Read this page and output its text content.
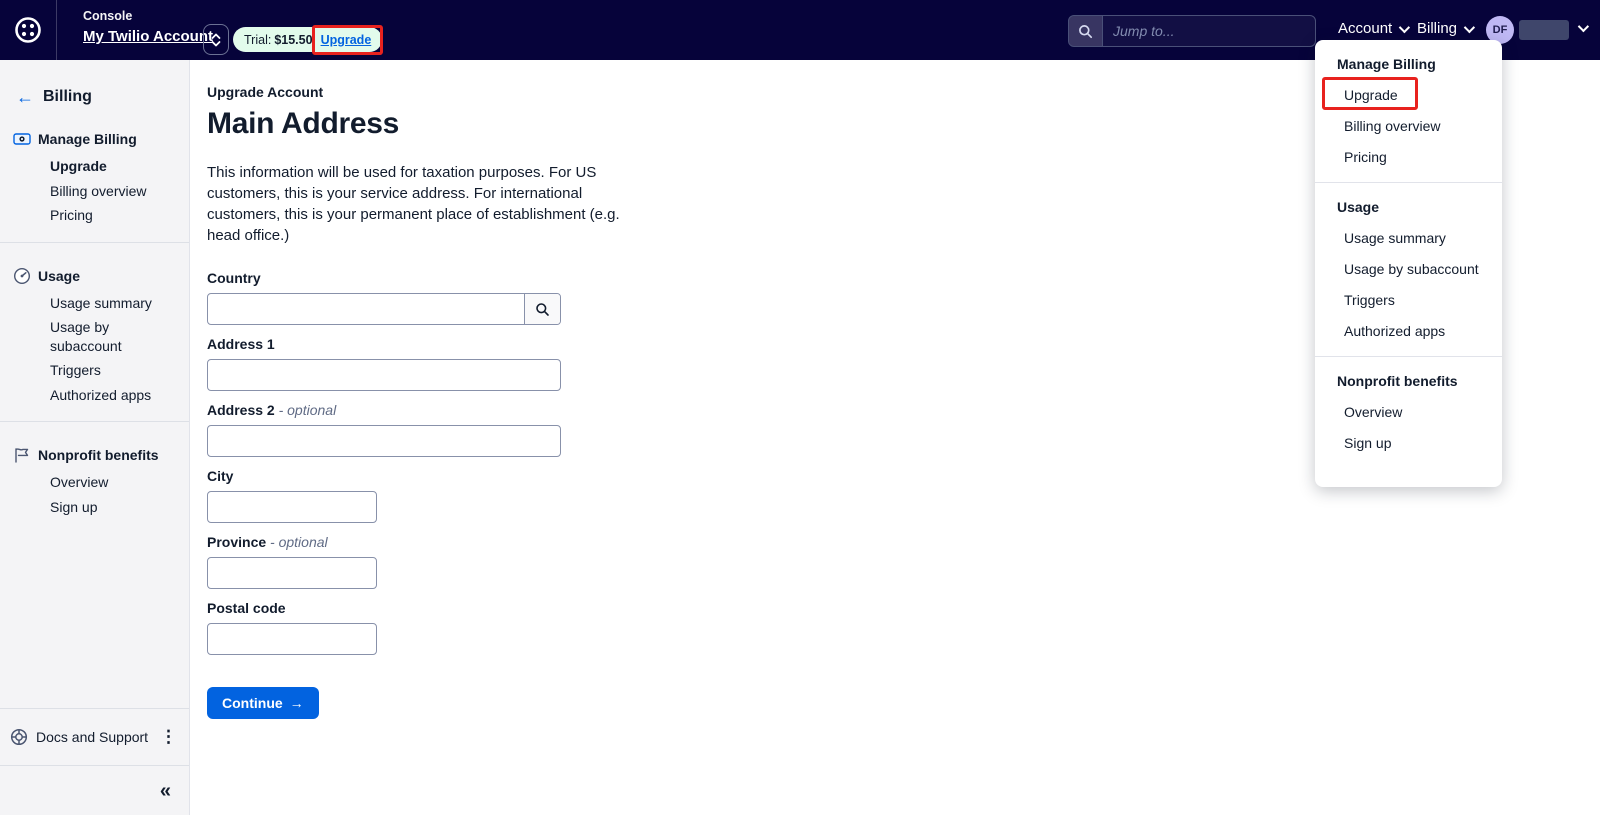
Console
My Twilio Account Trial: $15.50 Upgrade
Jump to...
Account Billing	DF
← Billing
Manage Billing
Upgrade
Billing overview
Pricing
Usage
Usage summary
Usage by subaccount
Triggers
Authorized apps
Nonprofit benefits
Overview
Sign up
Docs and Support ⋮
«
Upgrade Account
Main Address

This information will be used for taxation purposes. For US customers, this is your service address. For international customers, this is your permanent place of establishment (e.g. head office.)

Country
Address 1
Address 2 - optional
City
Province - optional
Postal code
Continue →
Manage Billing
Upgrade
Billing overview
Pricing
Usage
Usage summary
Usage by subaccount
Triggers
Authorized apps
Nonprofit benefits
Overview
Sign up
